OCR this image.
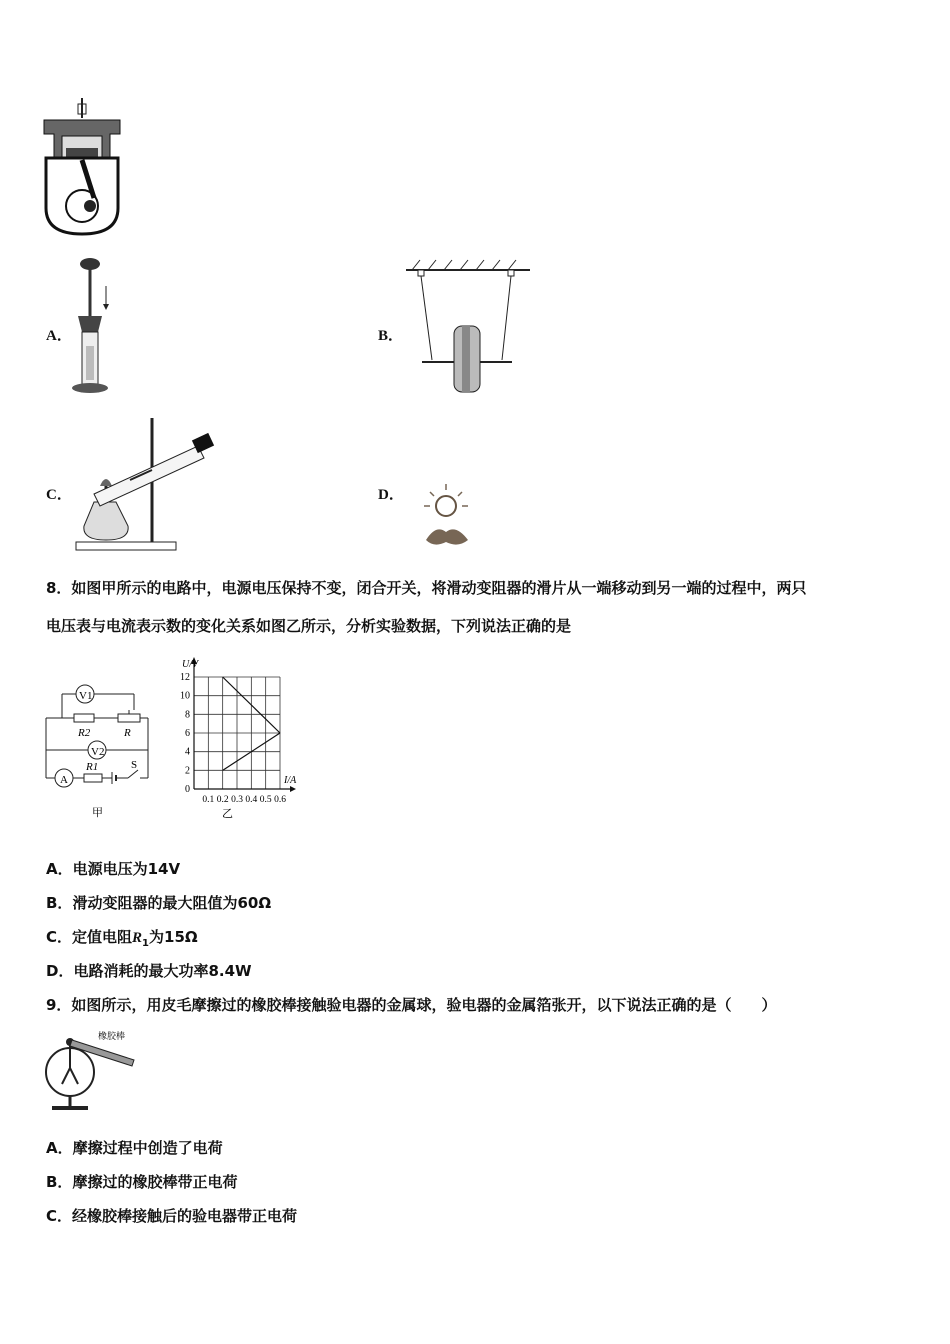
A．	B．
C．	D．
8．如图甲所示的电路中，电源电压保持不变，闭合开关，将滑动变阻器的滑片从一端移动到另一端的过程中，两只
电压表与电流表示数的变化关系如图乙所示，分析实验数据，下列说法正确的是
V1
R2	R
V2
A
R1	S
甲
0
2
4
6
8
10
12
0.1 0.2 0.3 0.4 0.5 0.6
U/V
I/A
乙
A．电源电压为14V
B．滑动变阻器的最大阻值为60Ω
C．定值电阻$R_1$为15Ω
D．电路消耗的最大功率8.4W
9．如图所示，用皮毛摩擦过的橡胶棒接触验电器的金属球，验电器的金属箔张开，以下说法正确的是（　　）
橡胶棒
A．摩擦过程中创造了电荷
B．摩擦过的橡胶棒带正电荷
C．经橡胶棒接触后的验电器带正电荷
